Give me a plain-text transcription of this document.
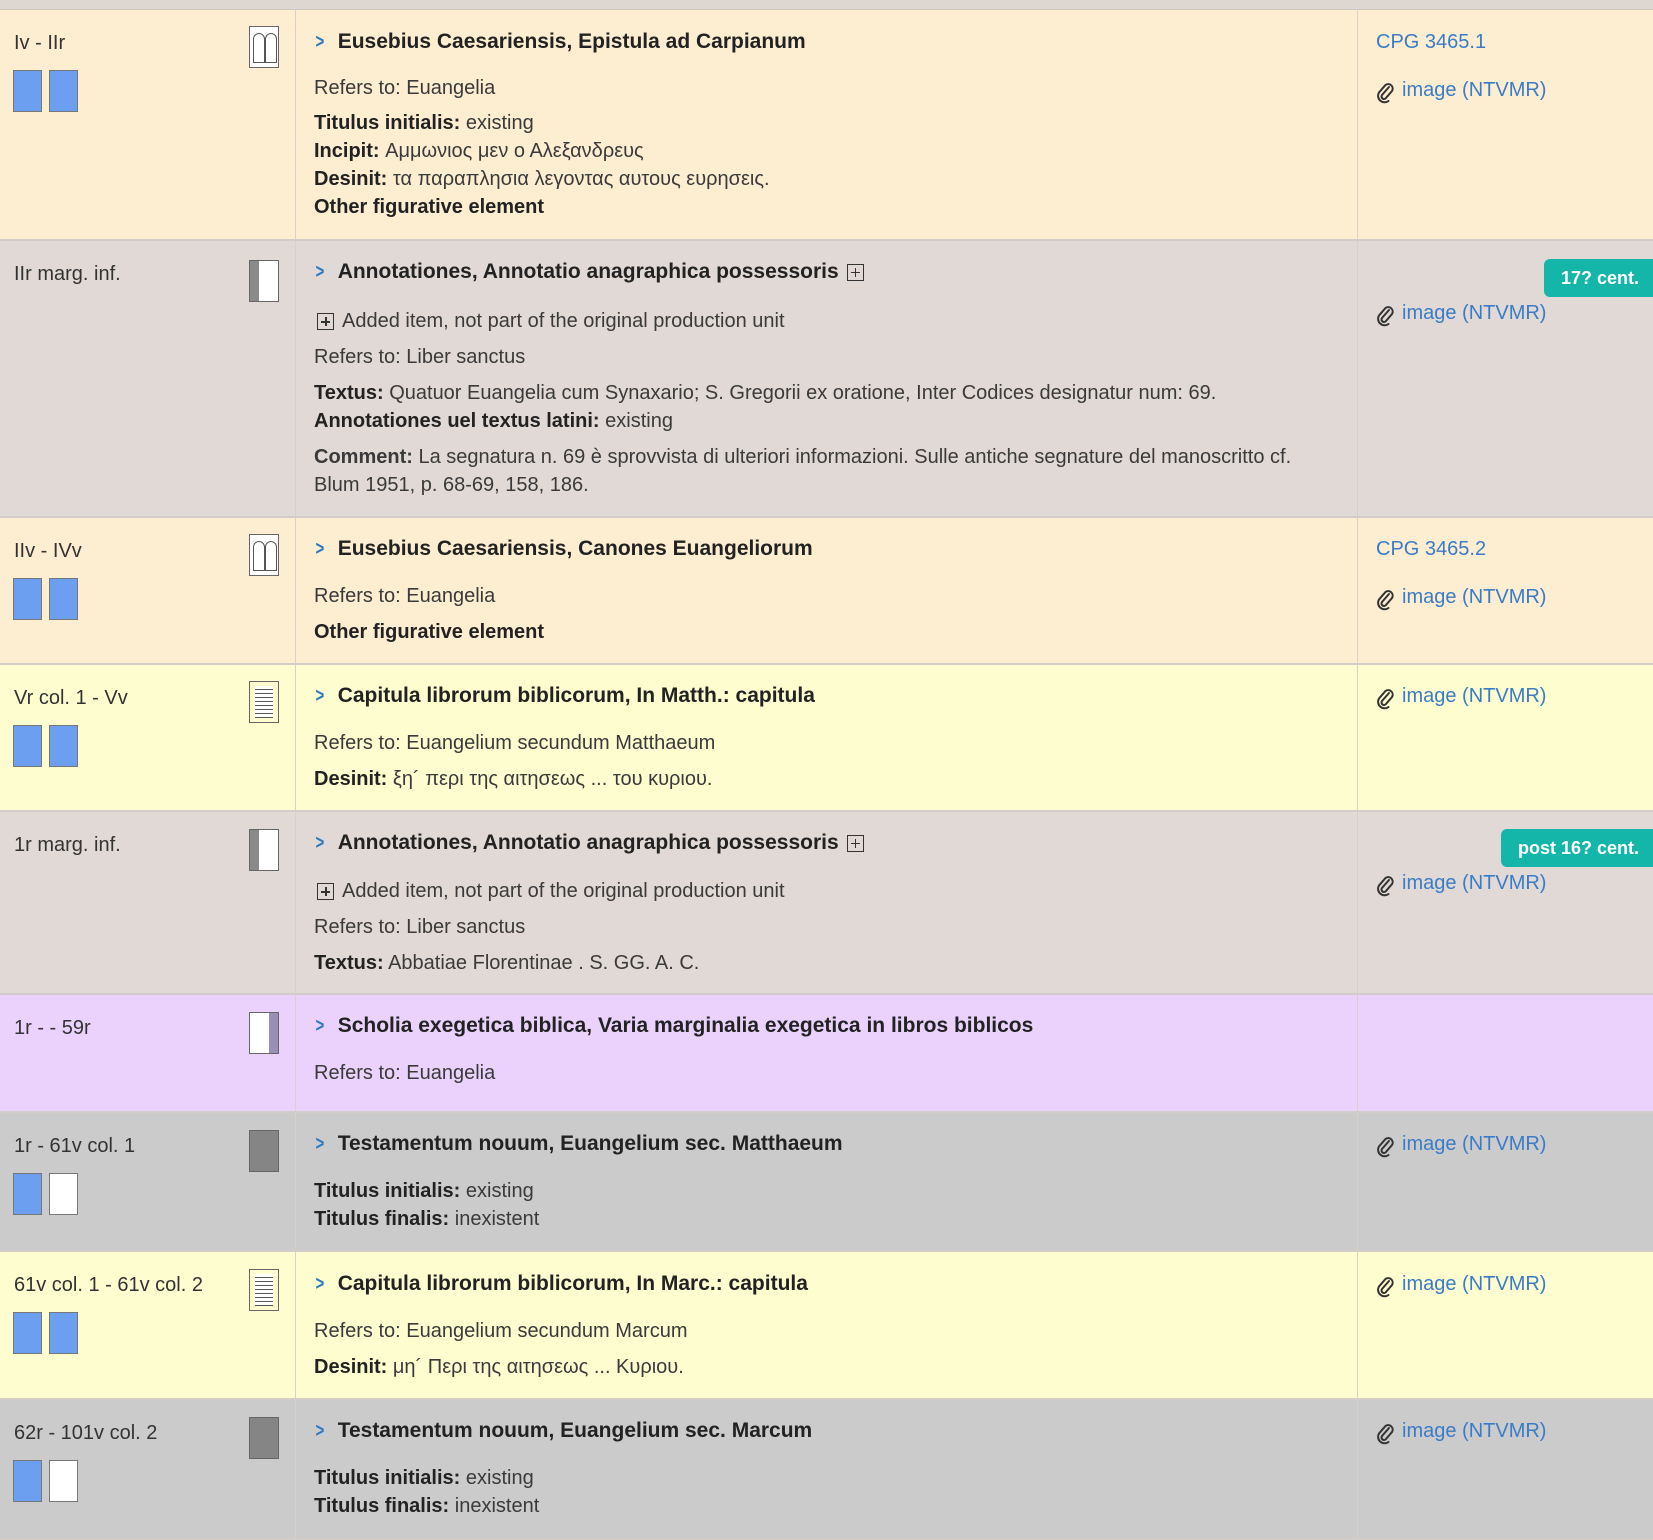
Iv - IIr	> Eusebius Caesariensis, Epistula ad Carpianum
Refers to: Euangelia
Titulus initialis: existing
Incipit: Αμμωνιος μεν ο Αλεξανδρευς
Desinit: τα παραπλησια λεγοντας αυτους ευρησεις.
Other figurative element
CPG 3465.1
image (NTVMR)
IIr marg. inf.	> Annotationes, Annotatio anagraphica possessoris
Added item, not part of the original production unit
Refers to: Liber sanctus
Textus: Quatuor Euangelia cum Synaxario; S. Gregorii ex oratione, Inter Codices designatur num: 69.
Annotationes uel textus latini: existing
Comment: La segnatura n. 69 è sprovvista di ulteriori informazioni. Sulle antiche segnature del manoscritto cf. Blum 1951, p. 68-69, 158, 186.
17? cent.
image (NTVMR)
IIv - IVv	> Eusebius Caesariensis, Canones Euangeliorum
Refers to: Euangelia
Other figurative element
CPG 3465.2
image (NTVMR)
Vr col. 1 - Vv	> Capitula librorum biblicorum, In Matth.: capitula
Refers to: Euangelium secundum Matthaeum
Desinit: ξη´ περι της αιτησεως ... του κυριου.
image (NTVMR)
1r marg. inf.	> Annotationes, Annotatio anagraphica possessoris
Added item, not part of the original production unit
Refers to: Liber sanctus
Textus: Abbatiae Florentinae . S. GG. A. C.
post 16? cent.
image (NTVMR)
1r - - 59r	> Scholia exegetica biblica, Varia marginalia exegetica in libros biblicos
Refers to: Euangelia
1r - 61v col. 1	> Testamentum nouum, Euangelium sec. Matthaeum
Titulus initialis: existing
Titulus finalis: inexistent
image (NTVMR)
61v col. 1 - 61v col. 2	> Capitula librorum biblicorum, In Marc.: capitula
Refers to: Euangelium secundum Marcum
Desinit: μη´ Περι της αιτησεως ... Κυριου.
image (NTVMR)
62r - 101v col. 2	> Testamentum nouum, Euangelium sec. Marcum
Titulus initialis: existing
Titulus finalis: inexistent
image (NTVMR)
